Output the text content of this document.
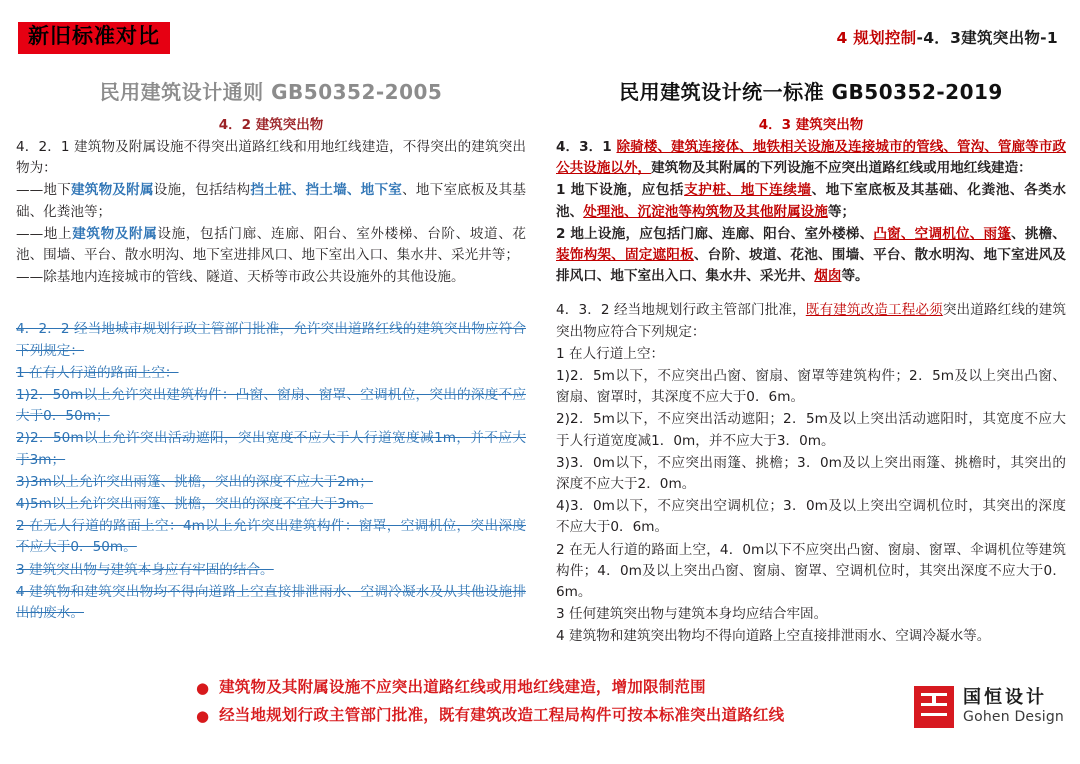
新旧标准对比	4 规划控制-4．3建筑突出物-1
民用建筑设计通则 GB50352-2005
4．2 建筑突出物

4．2．1 建筑物及附属设施不得突出道路红线和用地红线建造，不得突出的建筑突出物为：

——地下建筑物及附属设施，包括结构挡土桩、挡土墙、地下室、地下室底板及其基础、化粪池等；

——地上建筑物及附属设施，包括门廊、连廊、阳台、室外楼梯、台阶、坡道、花池、围墙、平台、散水明沟、地下室进排风口、地下室出入口、集水井、采光井等；

——除基地内连接城市的管线、隧道、天桥等市政公共设施外的其他设施。

4．2．2 经当地城市规划行政主管部门批准，允许突出道路红线的建筑突出物应符合下列规定：

1 在有人行道的路面上空：

1)2．50m以上允许突出建筑构件：凸窗、窗扇、窗罩、空调机位，突出的深度不应大于0．50m；

2)2．50m以上允许突出活动遮阳，突出宽度不应大于人行道宽度减1m，并不应大于3m；

3)3m以上允许突出雨篷、挑檐，突出的深度不应大于2m；

4)5m以上允许突出雨篷、挑檐，突出的深度不宜大于3m。

2 在无人行道的路面上空：4m以上允许突出建筑构件：窗罩，空调机位，突出深度不应大于0．50m。

3 建筑突出物与建筑本身应有牢固的结合。

4 建筑物和建筑突出物均不得向道路上空直接排泄雨水、空调冷凝水及从其他设施排出的废水。

民用建筑设计统一标准 GB50352-2019
4．3 建筑突出物

4．3．1 除骑楼、建筑连接体、地铁相关设施及连接城市的管线、管沟、管廊等市政公共设施以外，建筑物及其附属的下列设施不应突出道路红线或用地红线建造：

1 地下设施，应包括支护桩、地下连续墙、地下室底板及其基础、化粪池、各类水池、处理池、沉淀池等构筑物及其他附属设施等；

2 地上设施，应包括门廊、连廊、阳台、室外楼梯、凸窗、空调机位、雨篷、挑檐、装饰构架、固定遮阳板、台阶、坡道、花池、围墙、平台、散水明沟、地下室进风及排风口、地下室出入口、集水井、采光井、烟囱等。

4．3．2 经当地规划行政主管部门批准，既有建筑改造工程必须突出道路红线的建筑突出物应符合下列规定：

1 在人行道上空：

1)2．5m以下，不应突出凸窗、窗扇、窗罩等建筑构件；2．5m及以上突出凸窗、窗扇、窗罩时，其深度不应大于0．6m。

2)2．5m以下，不应突出活动遮阳；2．5m及以上突出活动遮阳时，其宽度不应大于人行道宽度减1．0m，并不应大于3．0m。

3)3．0m以下，不应突出雨篷、挑檐；3．0m及以上突出雨篷、挑檐时，其突出的深度不应大于2．0m。

4)3．0m以下，不应突出空调机位；3．0m及以上突出空调机位时，其突出的深度不应大于0．6m。

2 在无人行道的路面上空，4．0m以下不应突出凸窗、窗扇、窗罩、伞调机位等建筑构件；4．0m及以上突出凸窗、窗扇、窗罩、空调机位时，其突出深度不应大于0．6m。

3 任何建筑突出物与建筑本身均应结合牢固。

4 建筑物和建筑突出物均不得向道路上空直接排泄雨水、空调冷凝水等。

● 建筑物及其附属设施不应突出道路红线或用地红线建造，增加限制范围
● 经当地规划行政主管部门批准，既有建筑改造工程局构件可按本标准突出道路红线
国恒设计
Gohen Design
